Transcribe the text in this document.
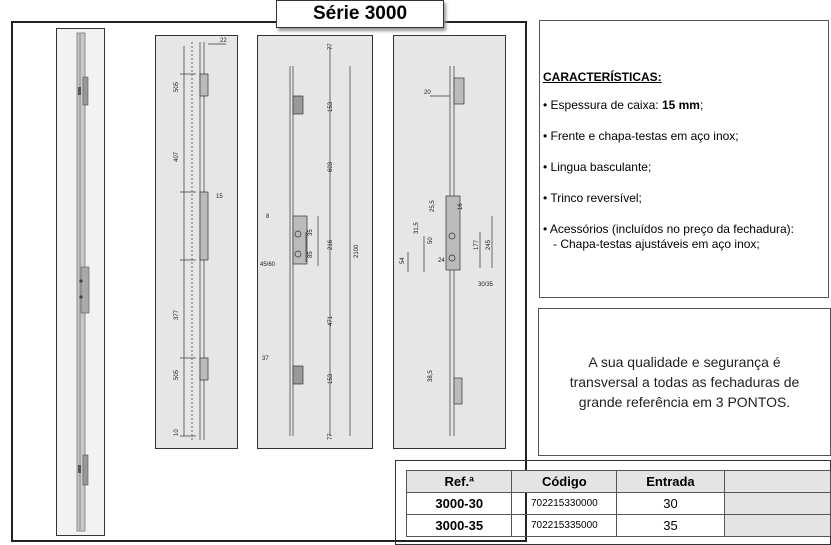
Série 3000
22
505
407
15
377
505
10
77
153
603
216
85
35
2100
471
153
77
8
45/60
37
20
25,5	16
31,5
50	177 245
54	24
30/35
38,5
CARACTERÍSTICAS:
• Espessura de caixa: 15 mm;
• Frente e chapa-testas em aço inox;
• Lingua basculante;
• Trinco reversível;
• Acessórios (incluídos no preço da fechadura):
- Chapa-testas ajustáveis em aço inox;
A sua qualidade e segurança é transversal a todas as fechaduras de grande referência em 3 PONTOS.
Ref.ª	Código	Entrada	
3000-30	702215330000	30	
3000-35	702215335000	35	
